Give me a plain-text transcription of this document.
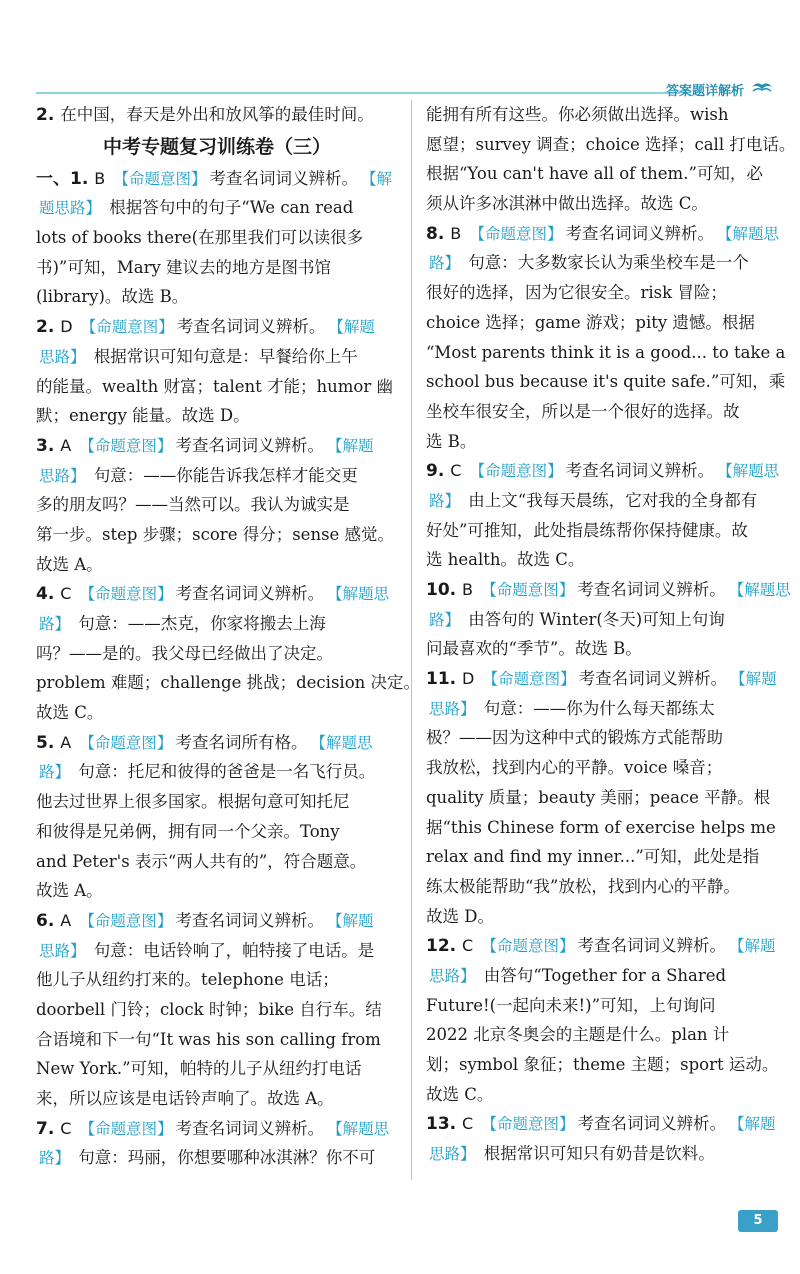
答案题详解析
2. 在中国，春天是外出和放风筝的最佳时间。
中考专题复习训练卷（三）
一、1. B 【命题意图】 考查名词词义辨析。 【解
题思路】 根据答句中的句子“We can read
lots of books there(在那里我们可以读很多
书)”可知，Mary 建议去的地方是图书馆
(library)。故选 B。
2. D 【命题意图】 考查名词词义辨析。 【解题
思路】 根据常识可知句意是：早餐给你上午
的能量。wealth 财富；talent 才能；humor 幽
默；energy 能量。故选 D。
3. A 【命题意图】 考查名词词义辨析。 【解题
思路】 句意：——你能告诉我怎样才能交更
多的朋友吗？——当然可以。我认为诚实是
第一步。step 步骤；score 得分；sense 感觉。
故选 A。
4. C 【命题意图】 考查名词词义辨析。 【解题思
路】 句意：——杰克，你家将搬去上海
吗？——是的。我父母已经做出了决定。
problem 难题；challenge 挑战；decision 决定。
故选 C。
5. A 【命题意图】 考查名词所有格。 【解题思
路】 句意：托尼和彼得的爸爸是一名飞行员。
他去过世界上很多国家。根据句意可知托尼
和彼得是兄弟俩，拥有同一个父亲。Tony
and Peter's 表示“两人共有的”，符合题意。
故选 A。
6. A 【命题意图】 考查名词词义辨析。 【解题
思路】 句意：电话铃响了，帕特接了电话。是
他儿子从纽约打来的。telephone 电话；
doorbell 门铃；clock 时钟；bike 自行车。结
合语境和下一句“It was his son calling from
New York.”可知，帕特的儿子从纽约打电话
来，所以应该是电话铃声响了。故选 A。
7. C 【命题意图】 考查名词词义辨析。 【解题思
路】 句意：玛丽，你想要哪种冰淇淋？你不可
能拥有所有这些。你必须做出选择。wish
愿望；survey 调查；choice 选择；call 打电话。
根据“You can't have all of them.”可知，必
须从许多冰淇淋中做出选择。故选 C。
8. B 【命题意图】 考查名词词义辨析。 【解题思
路】 句意：大多数家长认为乘坐校车是一个
很好的选择，因为它很安全。risk 冒险；
choice 选择；game 游戏；pity 遗憾。根据
“Most parents think it is a good... to take a
school bus because it's quite safe.”可知，乘
坐校车很安全，所以是一个很好的选择。故
选 B。
9. C 【命题意图】 考查名词词义辨析。 【解题思
路】 由上文“我每天晨练，它对我的全身都有
好处”可推知，此处指晨练帮你保持健康。故
选 health。故选 C。
10. B 【命题意图】 考查名词词义辨析。 【解题思
路】 由答句的 Winter(冬天)可知上句询
问最喜欢的“季节”。故选 B。
11. D 【命题意图】 考查名词词义辨析。 【解题
思路】 句意：——你为什么每天都练太
极？——因为这种中式的锻炼方式能帮助
我放松，找到内心的平静。voice 嗓音；
quality 质量；beauty 美丽；peace 平静。根
据“this Chinese form of exercise helps me
relax and find my inner...”可知，此处是指
练太极能帮助“我”放松，找到内心的平静。
故选 D。
12. C 【命题意图】 考查名词词义辨析。 【解题
思路】 由答句“Together for a Shared
Future!(一起向未来!)”可知，上句询问
2022 北京冬奥会的主题是什么。plan 计
划；symbol 象征；theme 主题；sport 运动。
故选 C。
13. C 【命题意图】 考查名词词义辨析。 【解题
思路】 根据常识可知只有奶昔是饮料。
5
